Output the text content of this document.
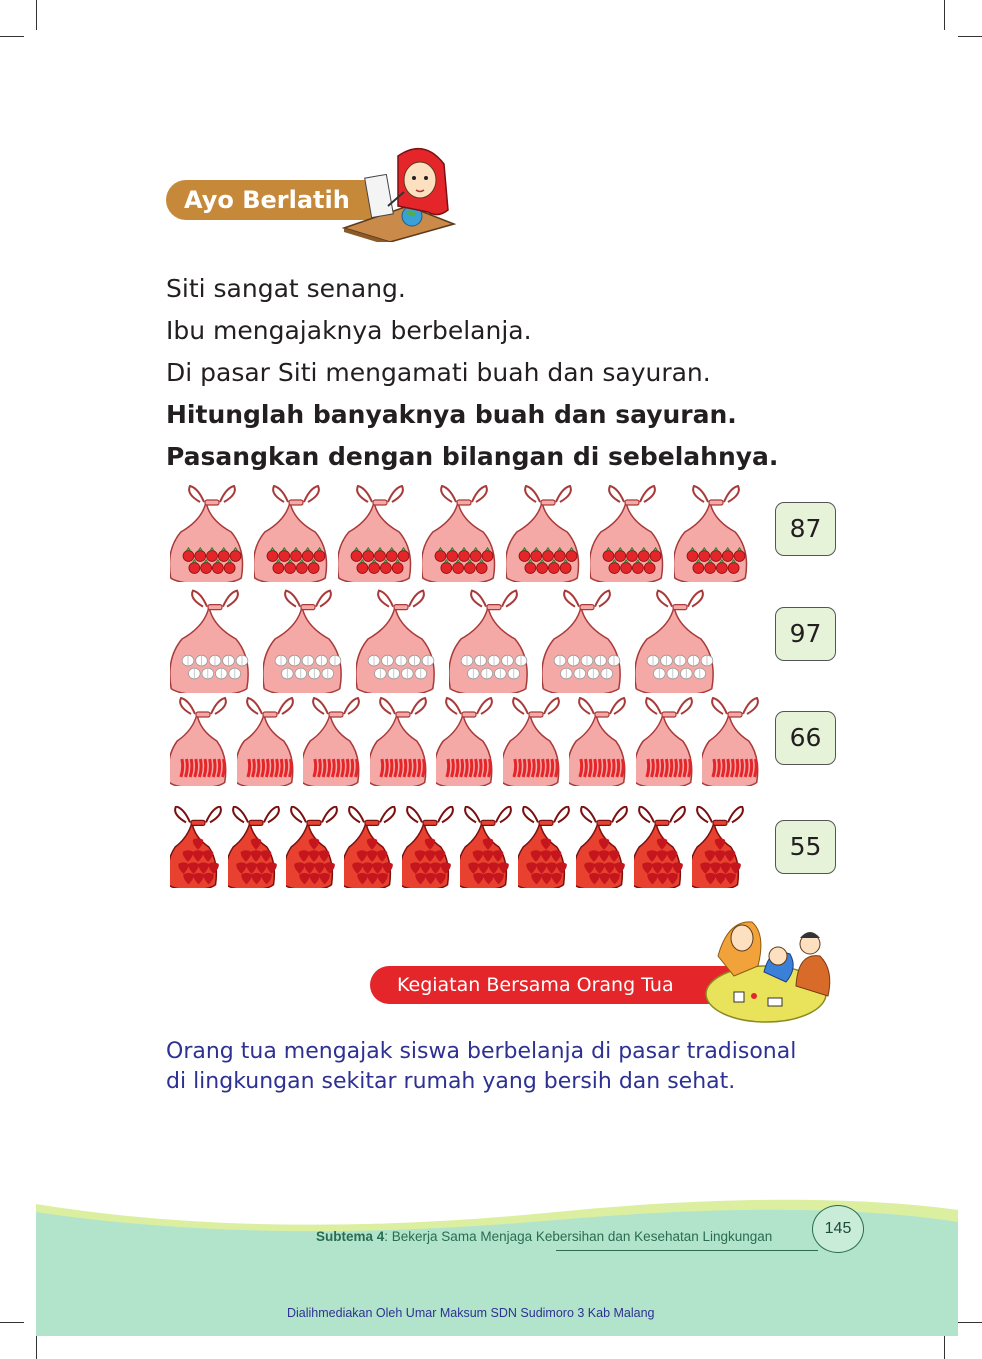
Ayo Berlatih
Siti sangat senang.
Ibu mengajaknya berbelanja.
Di pasar Siti mengamati buah dan sayuran.
Hitunglah banyaknya buah dan sayuran.
Pasangkan dengan bilangan di sebelahnya.
87
97
66
55
Kegiatan Bersama Orang Tua
Orang tua mengajak siswa berbelanja di pasar tradisonal
di lingkungan sekitar rumah yang bersih dan sehat.
Subtema 4: Bekerja Sama Menjaga Kebersihan dan Kesehatan Lingkungan	145
Dialihmediakan Oleh Umar Maksum SDN Sudimoro 3 Kab Malang
